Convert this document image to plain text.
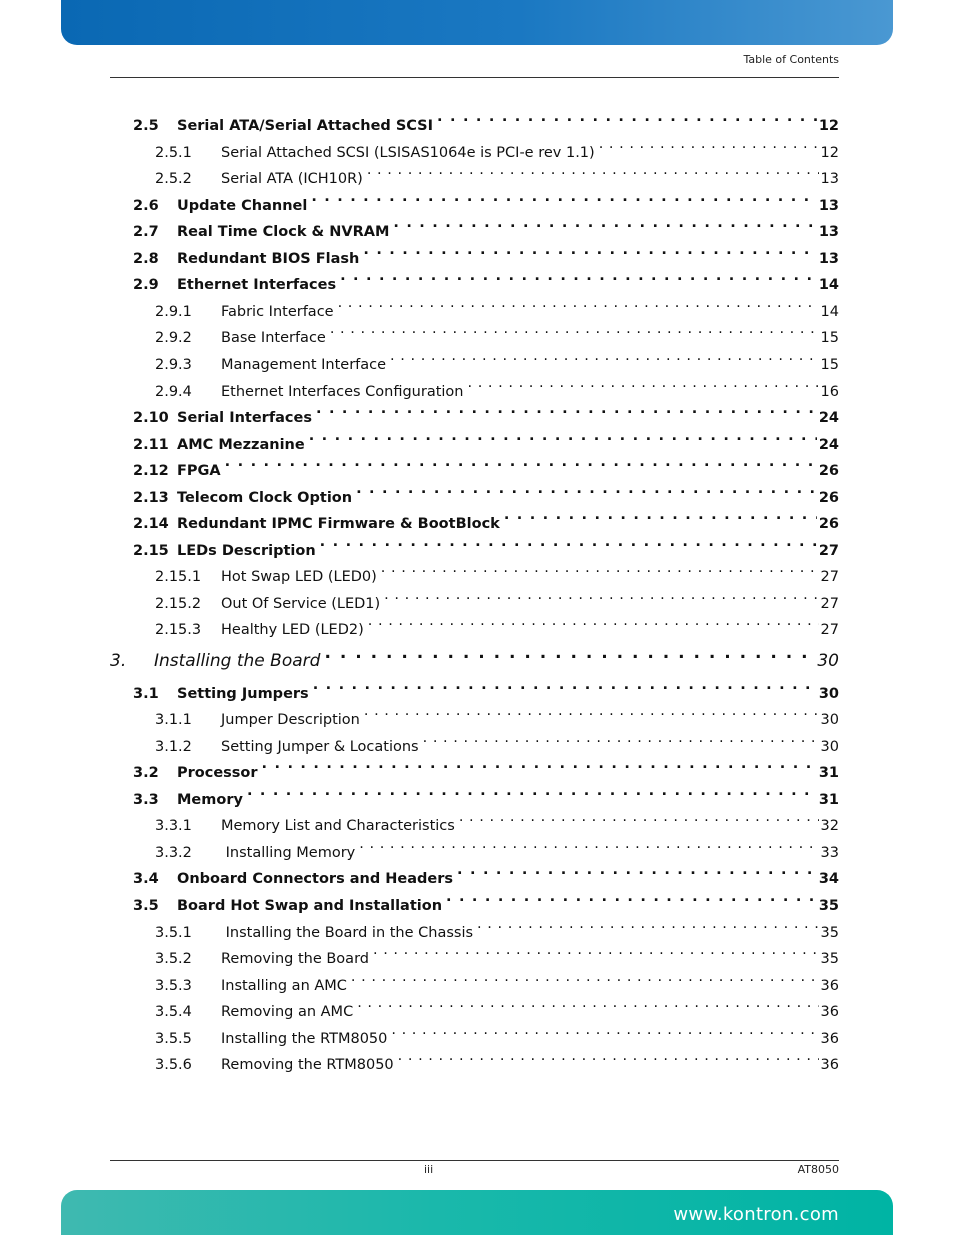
Table of Contents
2.5	Serial ATA/Serial Attached SCSI . . .	12
2.5.1	Serial Attached SCSI (LSISAS1064e is PCI-e rev 1.1) . . .	12
2.5.2	Serial ATA (ICH10R) . . .	13
2.6	Update Channel . . .	13
2.7	Real Time Clock & NVRAM . . .	13
2.8	Redundant BIOS Flash . . .	13
2.9	Ethernet Interfaces . . .	14
2.9.1	Fabric Interface . . .	14
2.9.2	Base Interface . . .	15
2.9.3	Management Interface . . .	15
2.9.4	Ethernet Interfaces Configuration . . .	16
2.10 Serial Interfaces . . .	24
2.11 AMC Mezzanine . . .	24
2.12 FPGA . . .	26
2.13 Telecom Clock Option . . .	26
2.14 Redundant IPMC Firmware & BootBlock . . .	26
2.15 LEDs Description . . .	27
2.15.1	Hot Swap LED (LED0) . . .	27
2.15.2	Out Of Service (LED1) . . .	27
2.15.3	Healthy LED (LED2) . . .	27
3.	Installing the Board . . .	30
3.1	Setting Jumpers . . .	30
3.1.1	Jumper Description . . .	30
3.1.2	Setting Jumper & Locations . . .	30
3.2	Processor . . .	31
3.3	Memory . . .	31
3.3.1	Memory List and Characteristics . . .	32
3.3.2	Installing Memory . . .	33
3.4	Onboard Connectors and Headers . . .	34
3.5	Board Hot Swap and Installation . . .	35
3.5.1	Installing the Board in the Chassis . . .	35
3.5.2	Removing the Board . . .	35
3.5.3	Installing an AMC . . .	36
3.5.4	Removing an AMC . . .	36
3.5.5	Installing the RTM8050 . . .	36
3.5.6	Removing the RTM8050 . . .	36
iii	AT8050
www.kontron.com
